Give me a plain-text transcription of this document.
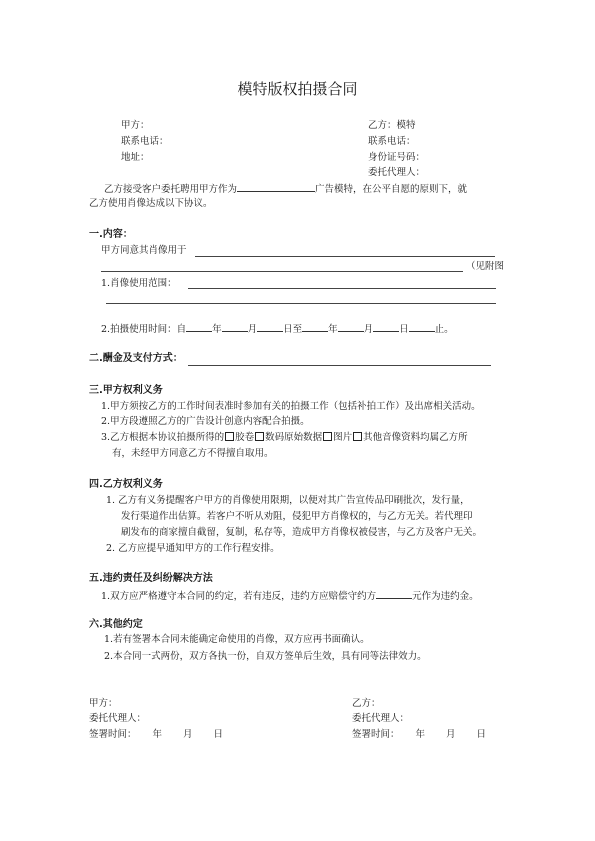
模特版权拍摄合同
甲方：
联系电话：
地址：
乙方：模特
联系电话：
身份证号码：
委托代理人：
乙方接受客户委托聘用甲方作为	广告模特，在公平自愿的原则下，就
乙方使用肖像达成以下协议。
一.内容：
甲方同意其肖像用于
（见附图
1.肖像使用范围：
2.拍摄使用时间：自	年	月	日至	年	月	日	止。
二.酬金及支付方式：
三.甲方权利义务
1.甲方须按乙方的工作时间表准时参加有关的拍摄工作（包括补拍工作）及出席相关活动。
2.甲方段遵照乙方的广告设计创意内容配合拍摄。
3.乙方根据本协议拍摄所得的 胶卷 数码原始数据 图片 其他音像资料均属乙方所
有，未经甲方同意乙方不得擅自取用。
四.乙方权利义务
1. 乙方有义务提醒客户甲方的肖像使用限期，以便对其广告宣传品印刷批次，发行量，
发行渠道作出估算。若客户不听从劝阻，侵犯甲方肖像权的，与乙方无关。若代理印
刷发布的商家擅自截留，复制，私存等，造成甲方肖像权被侵害，与乙方及客户无关。
2. 乙方应提早通知甲方的工作行程安排。
五.违约责任及纠纷解决方法
1.双方应严格遵守本合同的约定，若有违反，违约方应赔偿守约方	元作为违约金。
六.其他约定
1.若有签署本合同未能确定命使用的肖像，双方应再书面确认。
2.本合同一式两份，双方各执一份，自双方签单后生效，具有同等法律效力。
甲方：
委托代理人：
签署时间： 年 月 日
乙方：
委托代理人：
签署时间： 年 月 日
